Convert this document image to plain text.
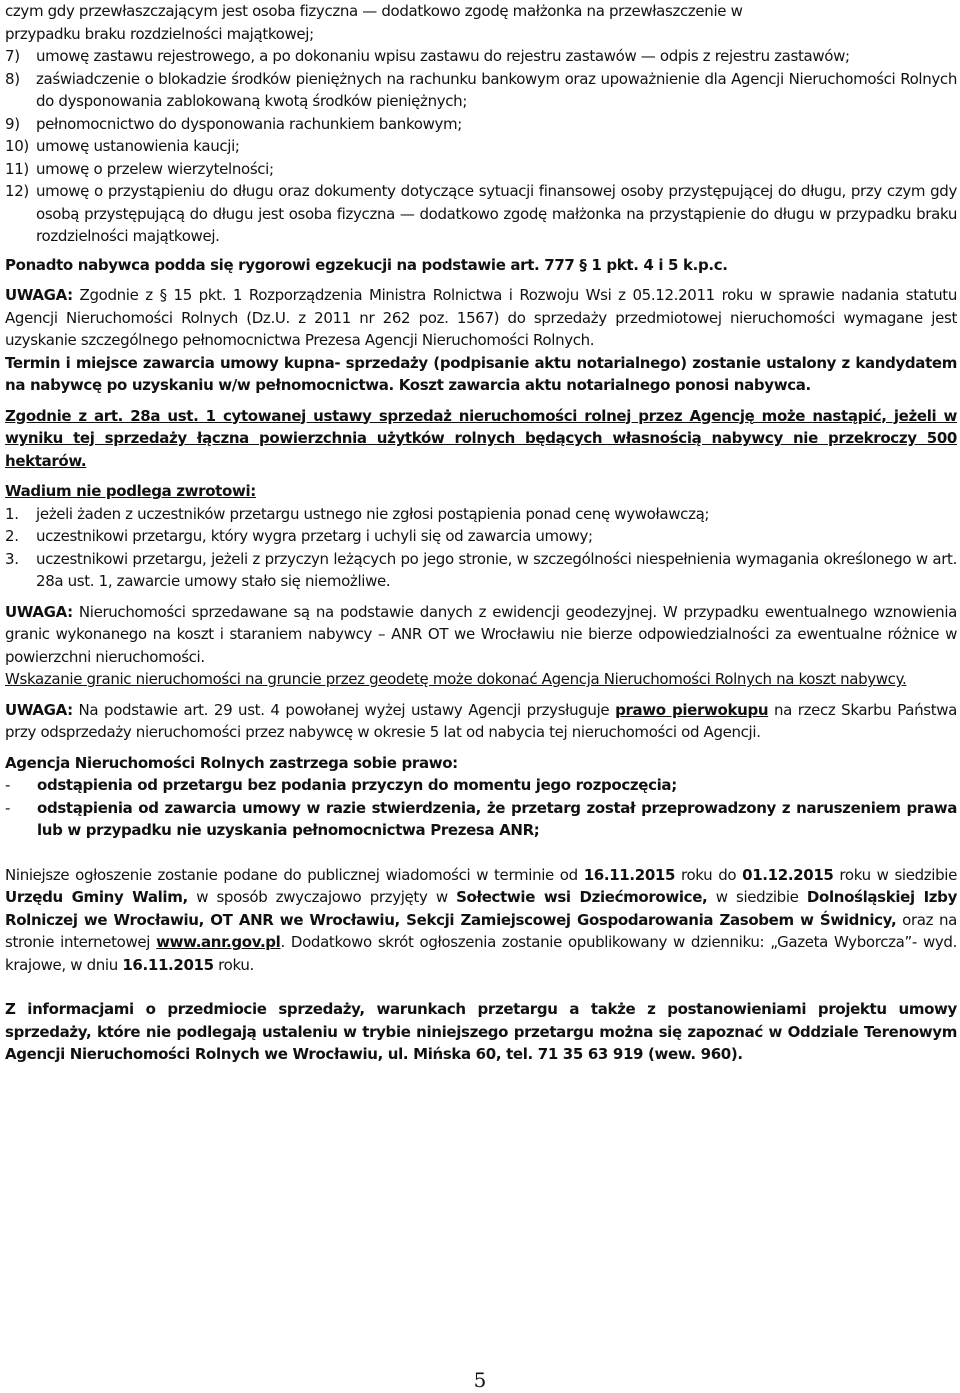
czym gdy przewłaszczającym jest osoba fizyczna — dodatkowo zgodę małżonka na przewłaszczenie w
przypadku braku rozdzielności majątkowej;

7)	umowę zastawu rejestrowego, a po dokonaniu wpisu zastawu do rejestru zastawów — odpis z rejestru zastawów;
8)	zaświadczenie o blokadzie środków pieniężnych na rachunku bankowym oraz upoważnienie dla Agencji Nieruchomości Rolnych do dysponowania zablokowaną kwotą środków pieniężnych;
9)	pełnomocnictwo do dysponowania rachunkiem bankowym;
10) umowę ustanowienia kaucji;
11) umowę o przelew wierzytelności;
12) umowę o przystąpieniu do długu oraz dokumenty dotyczące sytuacji finansowej osoby przystępującej do długu, przy czym gdy osobą przystępującą do długu jest osoba fizyczna — dodatkowo zgodę małżonka na przystąpienie do długu w przypadku braku rozdzielności majątkowej.

Ponadto nabywca podda się rygorowi egzekucji na podstawie art. 777 § 1 pkt. 4 i 5 k.p.c.

UWAGA: Zgodnie z § 15 pkt. 1 Rozporządzenia Ministra Rolnictwa i Rozwoju Wsi z 05.12.2011 roku w sprawie nadania statutu Agencji Nieruchomości Rolnych (Dz.U. z 2011 nr 262 poz. 1567) do sprzedaży przedmiotowej nieruchomości wymagane jest uzyskanie szczególnego pełnomocnictwa Prezesa Agencji Nieruchomości Rolnych.

Termin i miejsce zawarcia umowy kupna- sprzedaży (podpisanie aktu notarialnego) zostanie ustalony z kandydatem na nabywcę po uzyskaniu w/w pełnomocnictwa. Koszt zawarcia aktu notarialnego ponosi nabywca.

Zgodnie z art. 28a ust. 1 cytowanej ustawy sprzedaż nieruchomości rolnej przez Agencję może nastąpić, jeżeli w wyniku tej sprzedaży łączna powierzchnia użytków rolnych będących własnością nabywcy nie przekroczy 500 hektarów.

Wadium nie podlega zwrotowi:

1.	jeżeli żaden z uczestników przetargu ustnego nie zgłosi postąpienia ponad cenę wywoławczą;
2.	uczestnikowi przetargu, który wygra przetarg i uchyli się od zawarcia umowy;
3.	uczestnikowi przetargu, jeżeli z przyczyn leżących po jego stronie, w szczególności niespełnienia wymagania określonego w art. 28a ust. 1, zawarcie umowy stało się niemożliwe.

UWAGA: Nieruchomości sprzedawane są na podstawie danych z ewidencji geodezyjnej. W przypadku ewentualnego wznowienia granic wykonanego na koszt i staraniem nabywcy – ANR OT we Wrocławiu nie bierze odpowiedzialności za ewentualne różnice w powierzchni nieruchomości.
Wskazanie granic nieruchomości na gruncie przez geodetę może dokonać Agencja Nieruchomości Rolnych na koszt nabywcy.

UWAGA: Na podstawie art. 29 ust. 4 powołanej wyżej ustawy Agencji przysługuje prawo pierwokupu na rzecz Skarbu Państwa przy odsprzedaży nieruchomości przez nabywcę w okresie 5 lat od nabycia tej nieruchomości od Agencji.

Agencja Nieruchomości Rolnych zastrzega sobie prawo:

-	odstąpienia od przetargu bez podania przyczyn do momentu jego rozpoczęcia;
-	odstąpienia od zawarcia umowy w razie stwierdzenia, że przetarg został przeprowadzony z naruszeniem prawa lub w przypadku nie uzyskania pełnomocnictwa Prezesa ANR;

Niniejsze ogłoszenie zostanie podane do publicznej wiadomości w terminie od 16.11.2015 roku do 01.12.2015 roku w siedzibie Urzędu Gminy Walim, w sposób zwyczajowo przyjęty w Sołectwie wsi Dziećmorowice, w siedzibie Dolnośląskiej Izby Rolniczej we Wrocławiu, OT ANR we Wrocławiu, Sekcji Zamiejscowej Gospodarowania Zasobem w Świdnicy, oraz na stronie internetowej www.anr.gov.pl. Dodatkowo skrót ogłoszenia zostanie opublikowany w dzienniku: „Gazeta Wyborcza”- wyd. krajowe, w dniu 16.11.2015 roku.

Z informacjami o przedmiocie sprzedaży, warunkach przetargu a także z postanowieniami projektu umowy sprzedaży, które nie podlegają ustaleniu w trybie niniejszego przetargu można się zapoznać w Oddziale Terenowym Agencji Nieruchomości Rolnych we Wrocławiu, ul. Mińska 60, tel. 71 35 63 919 (wew. 960).

5
